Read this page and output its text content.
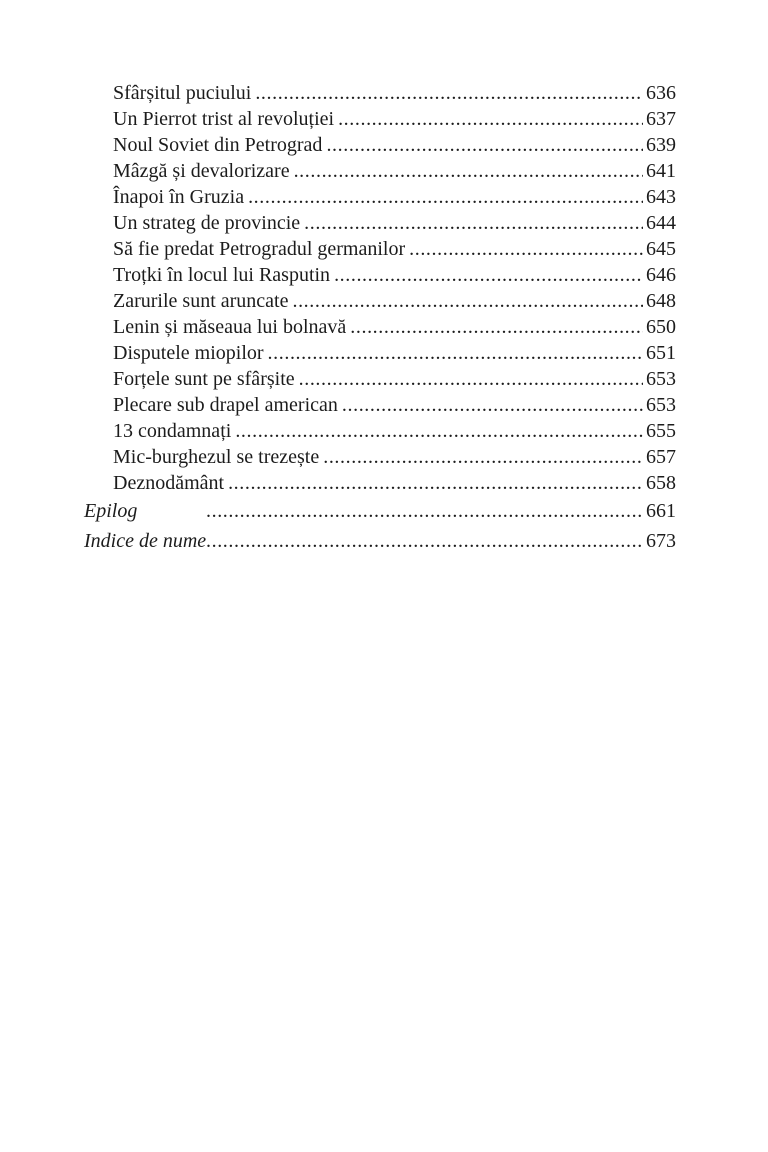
Sfârșitul puciului .....	636
Un Pierrot trist al revoluției .....	637
Noul Soviet din Petrograd .....	639
Mâzgă și devalorizare .....	641
Înapoi în Gruzia .....	643
Un strateg de provincie .....	644
Să fie predat Petrogradul germanilor .....	645
Troțki în locul lui Rasputin .....	646
Zarurile sunt aruncate .....	648
Lenin și măseaua lui bolnavă .....	650
Disputele miopilor .....	651
Forțele sunt pe sfârșite .....	653
Plecare sub drapel american .....	653
13 condamnați .....	655
Mic-burghezul se trezește .....	657
Deznodământ .....	658
Epilog .....	661
Indice de nume .....	673
